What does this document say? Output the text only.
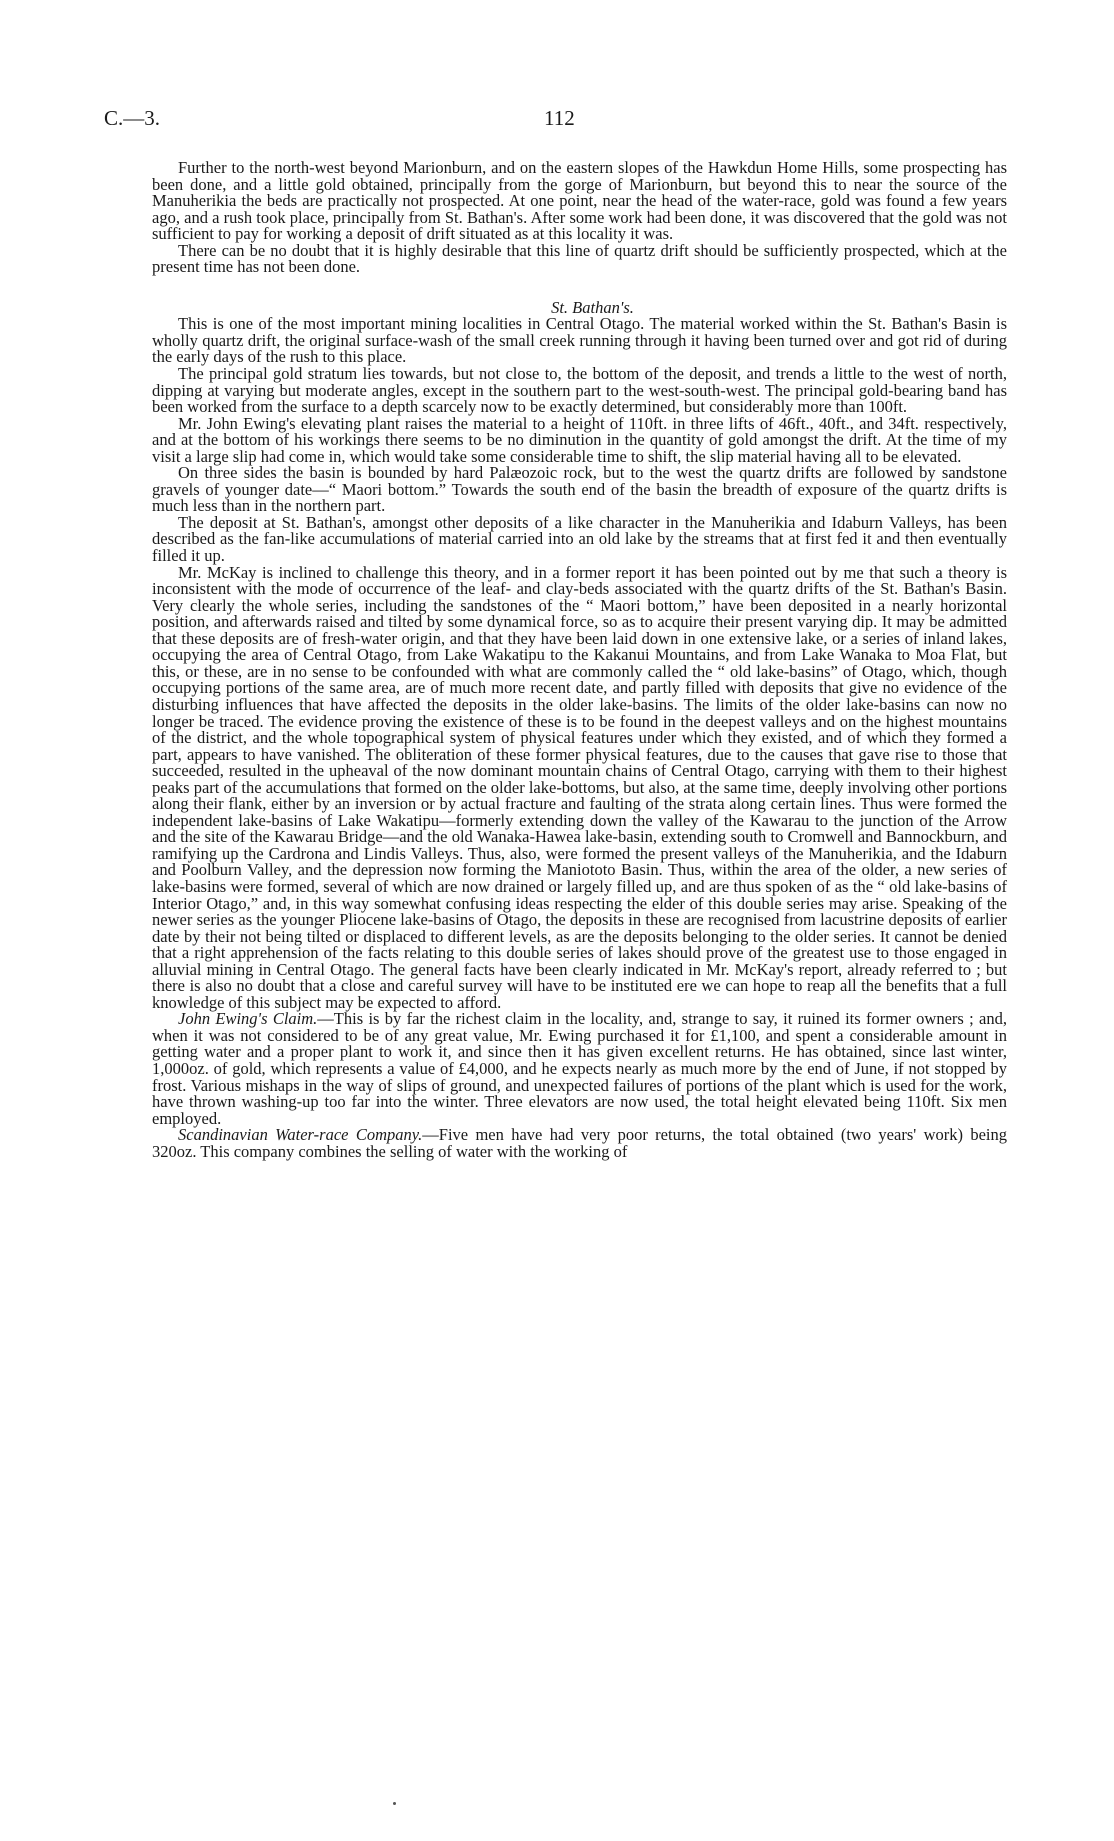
C.—3.	112

Further to the north-west beyond Marionburn, and on the eastern slopes of the Hawkdun Home Hills, some prospecting has been done, and a little gold obtained, principally from the gorge of Marionburn, but beyond this to near the source of the Manuherikia the beds are practically not prospected. At one point, near the head of the water-race, gold was found a few years ago, and a rush took place, principally from St. Bathan's. After some work had been done, it was discovered that the gold was not sufficient to pay for working a deposit of drift situated as at this locality it was.

There can be no doubt that it is highly desirable that this line of quartz drift should be sufficiently prospected, which at the present time has not been done.

St. Bathan's.

This is one of the most important mining localities in Central Otago. The material worked within the St. Bathan's Basin is wholly quartz drift, the original surface-wash of the small creek running through it having been turned over and got rid of during the early days of the rush to this place.

The principal gold stratum lies towards, but not close to, the bottom of the deposit, and trends a little to the west of north, dipping at varying but moderate angles, except in the southern part to the west-south-west. The principal gold-bearing band has been worked from the surface to a depth scarcely now to be exactly determined, but considerably more than 100ft.

Mr. John Ewing's elevating plant raises the material to a height of 110ft. in three lifts of 46ft., 40ft., and 34ft. respectively, and at the bottom of his workings there seems to be no diminution in the quantity of gold amongst the drift. At the time of my visit a large slip had come in, which would take some considerable time to shift, the slip material having all to be elevated.

On three sides the basin is bounded by hard Palæozoic rock, but to the west the quartz drifts are followed by sandstone gravels of younger date—“ Maori bottom.” Towards the south end of the basin the breadth of exposure of the quartz drifts is much less than in the northern part.

The deposit at St. Bathan's, amongst other deposits of a like character in the Manuherikia and Idaburn Valleys, has been described as the fan-like accumulations of material carried into an old lake by the streams that at first fed it and then eventually filled it up.

Mr. McKay is inclined to challenge this theory, and in a former report it has been pointed out by me that such a theory is inconsistent with the mode of occurrence of the leaf- and clay-beds associated with the quartz drifts of the St. Bathan's Basin. Very clearly the whole series, including the sandstones of the “ Maori bottom,” have been deposited in a nearly horizontal position, and afterwards raised and tilted by some dynamical force, so as to acquire their present varying dip. It may be admitted that these deposits are of fresh-water origin, and that they have been laid down in one extensive lake, or a series of inland lakes, occupying the area of Central Otago, from Lake Wakatipu to the Kakanui Mountains, and from Lake Wanaka to Moa Flat, but this, or these, are in no sense to be confounded with what are commonly called the “ old lake-basins” of Otago, which, though occupying portions of the same area, are of much more recent date, and partly filled with deposits that give no evidence of the disturbing influences that have affected the deposits in the older lake-basins. The limits of the older lake-basins can now no longer be traced. The evidence proving the existence of these is to be found in the deepest valleys and on the highest mountains of the district, and the whole topographical system of physical features under which they existed, and of which they formed a part, appears to have vanished. The obliteration of these former physical features, due to the causes that gave rise to those that succeeded, resulted in the upheaval of the now dominant mountain chains of Central Otago, carrying with them to their highest peaks part of the accumulations that formed on the older lake-bottoms, but also, at the same time, deeply involving other portions along their flank, either by an inversion or by actual fracture and faulting of the strata along certain lines. Thus were formed the independent lake-basins of Lake Wakatipu—formerly extending down the valley of the Kawarau to the junction of the Arrow and the site of the Kawarau Bridge—and the old Wanaka-Hawea lake-basin, extending south to Cromwell and Bannockburn, and ramifying up the Cardrona and Lindis Valleys. Thus, also, were formed the present valleys of the Manuherikia, and the Idaburn and Poolburn Valley, and the depression now forming the Maniototo Basin. Thus, within the area of the older, a new series of lake-basins were formed, several of which are now drained or largely filled up, and are thus spoken of as the “ old lake-basins of Interior Otago,” and, in this way somewhat confusing ideas respecting the elder of this double series may arise. Speaking of the newer series as the younger Pliocene lake-basins of Otago, the deposits in these are recognised from lacustrine deposits of earlier date by their not being tilted or displaced to different levels, as are the deposits belonging to the older series. It cannot be denied that a right apprehension of the facts relating to this double series of lakes should prove of the greatest use to those engaged in alluvial mining in Central Otago. The general facts have been clearly indicated in Mr. McKay's report, already referred to ; but there is also no doubt that a close and careful survey will have to be instituted ere we can hope to reap all the benefits that a full knowledge of this subject may be expected to afford.

John Ewing's Claim.—This is by far the richest claim in the locality, and, strange to say, it ruined its former owners ; and, when it was not considered to be of any great value, Mr. Ewing purchased it for £1,100, and spent a considerable amount in getting water and a proper plant to work it, and since then it has given excellent returns. He has obtained, since last winter, 1,000oz. of gold, which represents a value of £4,000, and he expects nearly as much more by the end of June, if not stopped by frost. Various mishaps in the way of slips of ground, and unexpected failures of portions of the plant which is used for the work, have thrown washing-up too far into the winter. Three elevators are now used, the total height elevated being 110ft. Six men employed.

Scandinavian Water-race Company.—Five men have had very poor returns, the total obtained (two years' work) being 320oz. This company combines the selling of water with the working of
